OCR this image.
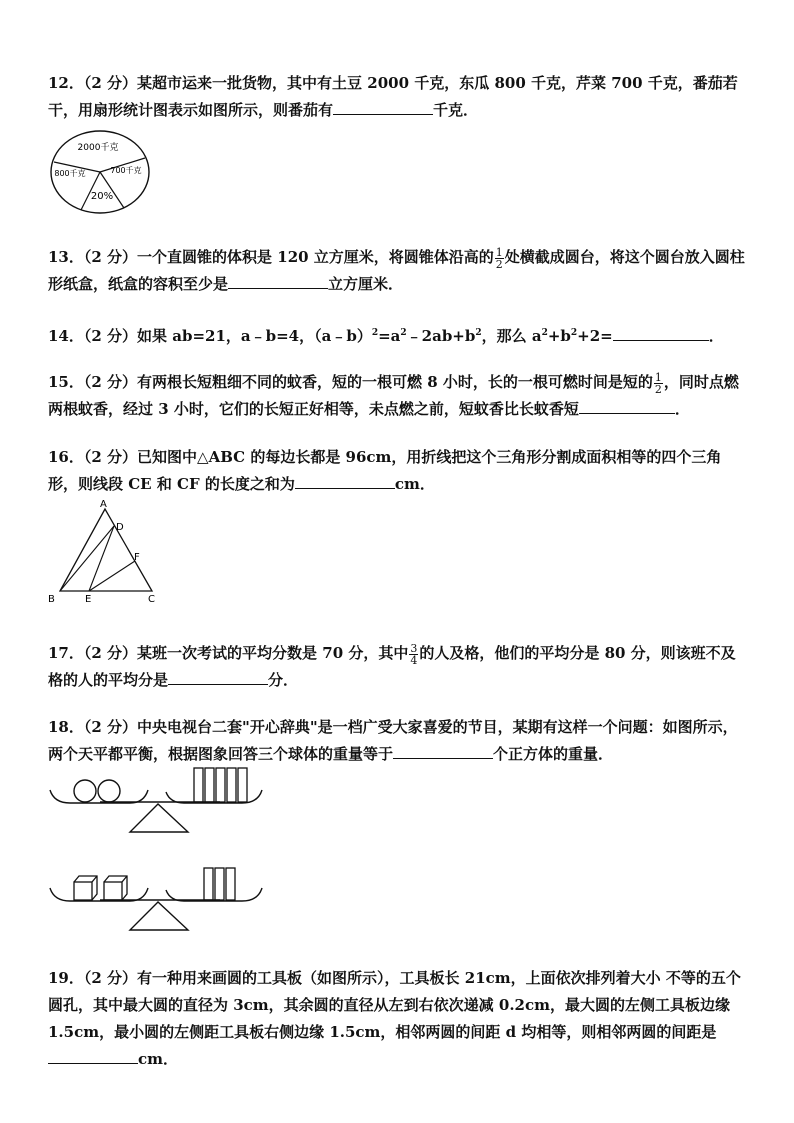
12．（2 分）某超市运来一批货物，其中有土豆 2000 千克，东瓜 800 千克，芹菜 700 千克，番茄若干，用扇形统计图表示如图所示，则番茄有	千克．
2000千克
800千克	700千克
20%
13．（2 分）一个直圆锥的体积是 120 立方厘米，将圆锥体沿高的 $\frac{1}{2}$ 处横截成圆台，将这个圆台放入圆柱形纸盒，纸盒的容积至少是	立方厘米．
14．（2 分）如果 ab=21，a﹣b=4，$(a﹣b)^2=a^2﹣2ab+b^2$，那么 $a^2+b^2+2=$	．
15．（2 分）有两根长短粗细不同的蚊香，短的一根可燃 8 小时，长的一根可燃时间是短的 $\frac{1}{2}$ ，同时点燃两根蚊香，经过 3 小时，它们的长短正好相等，未点燃之前，短蚊香比长蚊香短	．
16．（2 分）已知图中△ABC 的每边长都是 96cm，用折线把这个三角形分割成面积相等的四个三角形，则线段 CE 和 CF 的长度之和为	cm．
A
D
F
B	E	C
17．（2 分）某班一次考试的平均分数是 70 分，其中 $\frac{3}{4}$ 的人及格，他们的平均分是 80 分，则该班不及格的人的平均分是	分．
18．（2 分）中央电视台二套"开心辞典"是一档广受大家喜爱的节目，某期有这样一个问题：如图所示，两个天平都平衡，根据图象回答三个球体的重量等于	个正方体的重量．
19．（2 分）有一种用来画圆的工具板（如图所示），工具板长 21cm，上面依次排列着大小 不等的五个圆孔，其中最大圆的直径为 3cm，其余圆的直径从左到右依次递减 0.2cm，最大圆的左侧工具板边缘 1.5cm，最小圆的左侧距工具板右侧边缘 1.5cm，相邻两圆的间距 d 均相等，则相邻两圆的间距是
cm．
